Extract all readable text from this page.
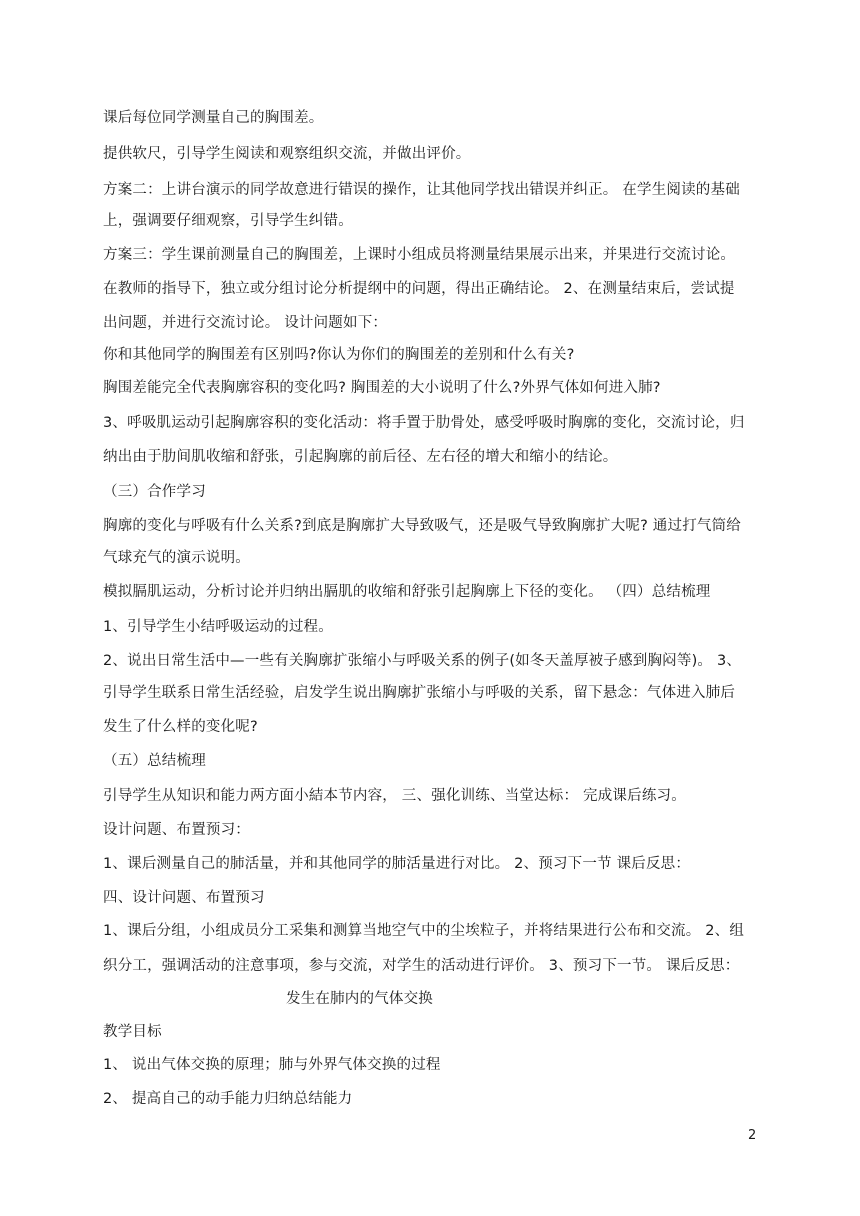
课后每位同学测量自己的胸围差。
提供软尺，引导学生阅读和观察组织交流，并做出评价。
方案二：上讲台演示的同学故意进行错误的操作，让其他同学找出错误并纠正。 在学生阅读的基础
上，强调要仔细观察，引导学生纠错。
方案三：学生课前测量自己的胸围差，上课时小组成员将测量结果展示出来，并果进行交流讨论。
在教师的指导下，独立或分组讨论分析提纲中的问题，得出正确结论。 2、在测量结束后，尝试提
出问题，并进行交流讨论。 设计问题如下：
你和其他同学的胸围差有区别吗?你认为你们的胸围差的差别和什么有关?
胸围差能完全代表胸廓容积的变化吗? 胸围差的大小说明了什么?外界气体如何进入肺?
3、呼吸肌运动引起胸廓容积的变化活动：将手置于肋骨处，感受呼吸时胸廓的变化，交流讨论，归
纳出由于肋间肌收缩和舒张，引起胸廓的前后径、左右径的增大和缩小的结论。
（三）合作学习
胸廓的变化与呼吸有什么关系?到底是胸廓扩大导致吸气，还是吸气导致胸廓扩大呢? 通过打气筒给
气球充气的演示说明。
模拟膈肌运动，分析讨论并归纳出膈肌的收缩和舒张引起胸廓上下径的变化。 （四）总结梳理
1、引导学生小结呼吸运动的过程。
2、说出日常生活中—一些有关胸廓扩张缩小与呼吸关系的例子(如冬天盖厚被子感到胸闷等)。 3、
引导学生联系日常生活经验，启发学生说出胸廓扩张缩小与呼吸的关系，留下悬念：气体进入肺后
发生了什么样的变化呢?
（五）总结梳理
引导学生从知识和能力两方面小結本节内容， 三、强化训练、当堂达标： 完成课后练习。
设计问题、布置预习：
1、课后测量自己的肺活量，并和其他同学的肺活量进行对比。 2、预习下一节 课后反思：
四、设计问题、布置预习
1、课后分组，小组成员分工采集和测算当地空气中的尘埃粒子，并将结果进行公布和交流。 2、组
织分工，强调活动的注意事项，参与交流，对学生的活动进行评价。 3、预习下一节。 课后反思：
发生在肺内的气体交换
教学目标
1、 说出气体交换的原理；肺与外界气体交换的过程
2、 提高自己的动手能力归纳总结能力
2
